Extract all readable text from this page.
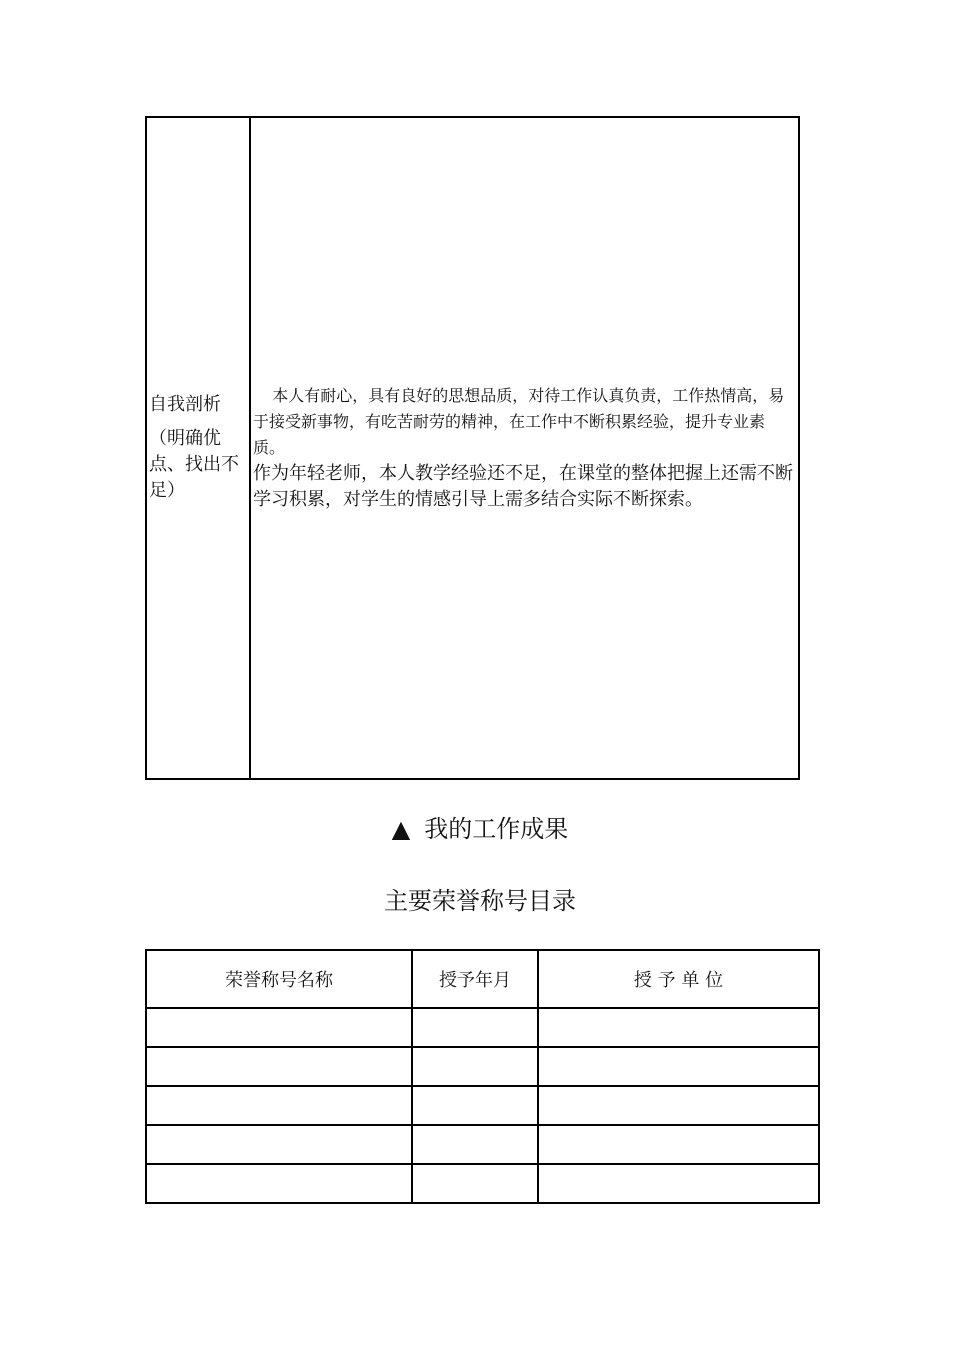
自我剖析
（明确优点、找出不足）

本人有耐心，具有良好的思想品质，对待工作认真负责，工作热情高，易于接受新事物，有吃苦耐劳的精神，在工作中不断积累经验，提升专业素质。

作为年轻老师，本人教学经验还不足，在课堂的整体把握上还需不断学习积累，对学生的情感引导上需多结合实际不断探索。

▲ 我的工作成果
主要荣誉称号目录
荣誉称号名称	授予年月	授 予 单 位
